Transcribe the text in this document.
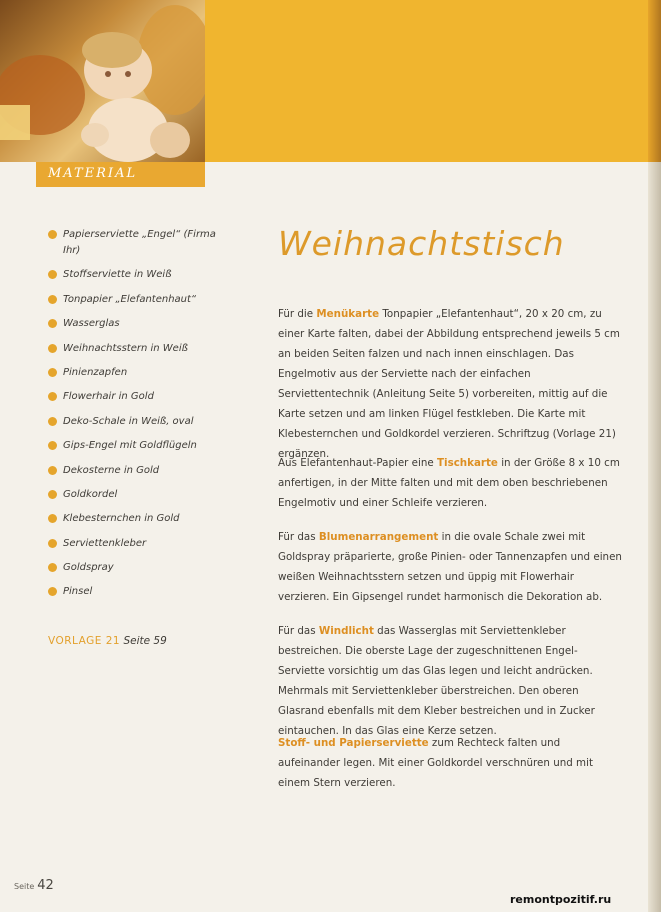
MATERIAL
Papierserviette „Engel“ (Firma Ihr)
Stoffserviette in Weiß
Tonpapier „Elefantenhaut“
Wasserglas
Weihnachtsstern in Weiß
Pinienzapfen
Flowerhair in Gold
Deko-Schale in Weiß, oval
Gips-Engel mit Goldflügeln
Dekosterne in Gold
Goldkordel
Klebesternchen in Gold
Serviettenkleber
Goldspray
Pinsel
VORLAGE 21 Seite 59
Weihnachtstisch

Für die Menükarte Tonpapier „Elefantenhaut“, 20 x 20 cm, zu einer Karte falten, dabei der Abbildung entsprechend jeweils 5 cm an beiden Seiten falzen und nach innen einschlagen. Das Engelmotiv aus der Serviette nach der einfachen Serviettentechnik (Anleitung Seite 5) vorbereiten, mittig auf die Karte setzen und am linken Flügel festkleben. Die Karte mit Klebesternchen und Goldkordel verzieren. Schriftzug (Vorlage 21) ergänzen.

Aus Elefantenhaut-Papier eine Tischkarte in der Größe 8 x 10 cm anfertigen, in der Mitte falten und mit dem oben beschriebenen Engelmotiv und einer Schleife verzieren.

Für das Blumenarrangement in die ovale Schale zwei mit Goldspray präparierte, große Pinien- oder Tannenzapfen und einen weißen Weihnachtsstern setzen und üppig mit Flowerhair verzieren. Ein Gipsengel rundet harmonisch die Dekoration ab.

Für das Windlicht das Wasserglas mit Serviettenkleber bestreichen. Die oberste Lage der zugeschnittenen Engel-Serviette vorsichtig um das Glas legen und leicht andrücken. Mehrmals mit Serviettenkleber überstreichen. Den oberen Glasrand ebenfalls mit dem Kleber bestreichen und in Zucker eintauchen. In das Glas eine Kerze setzen.

Stoff- und Papierserviette zum Rechteck falten und aufeinander legen. Mit einer Goldkordel verschnüren und mit einem Stern verzieren.

Seite 42
remontpozitif.ru
